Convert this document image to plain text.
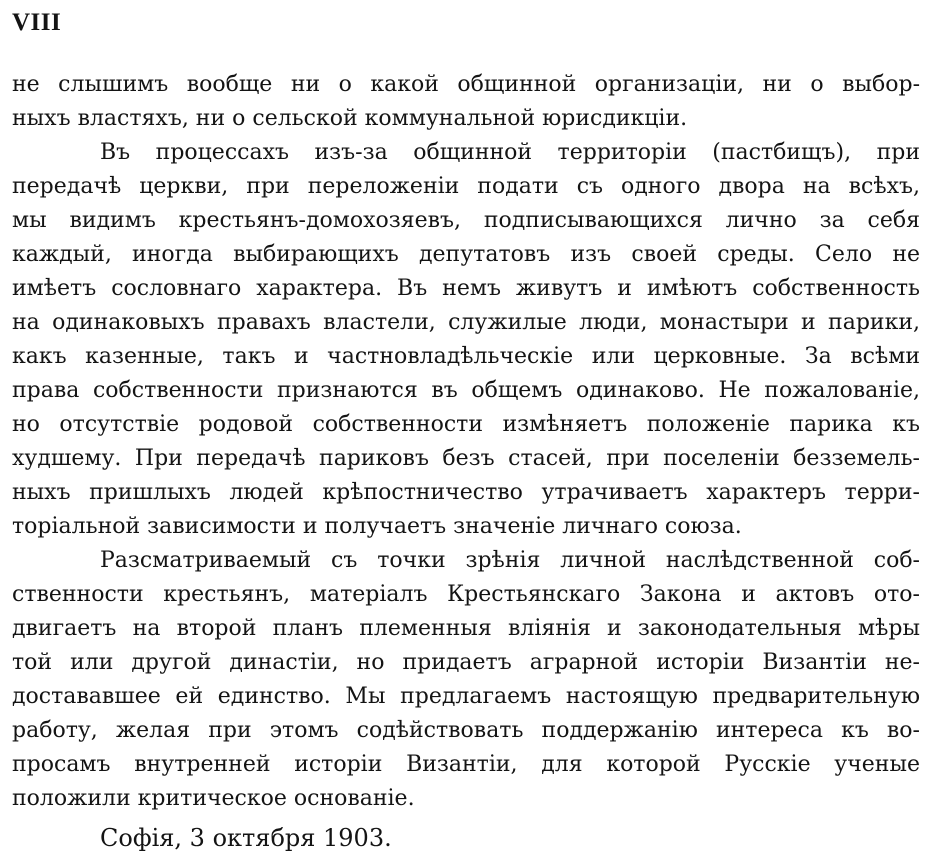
VIII
не слышимъ вообще ни о какой общинной организаціи, ни о выбор-
ныхъ властяхъ, ни о сельской коммунальной юрисдикціи.
Въ процессахъ изъ-за общинной территоріи (пастбищъ), при
передачѣ церкви, при переложеніи подати съ одного двора на всѣхъ,
мы видимъ крестьянъ-домохозяевъ, подписывающихся лично за себя
каждый, иногда выбирающихъ депутатовъ изъ своей среды. Село не
имѣетъ сословнаго характера. Въ немъ живутъ и имѣютъ собственность
на одинаковыхъ правахъ властели, служилые люди, монастыри и парики,
какъ казенные, такъ и частновладѣльческіе или церковные. За всѣми
права собственности признаются въ общемъ одинаково. Не пожалованіе,
но отсутствіе родовой собственности измѣняетъ положеніе парика къ
худшему. При передачѣ париковъ безъ стасей, при поселеніи безземель-
ныхъ пришлыхъ людей крѣпостничество утрачиваетъ характеръ терри-
торіальной зависимости и получаетъ значеніе личнаго союза.
Разсматриваемый съ точки зрѣнія личной наслѣдственной соб-
ственности крестьянъ, матеріалъ Крестьянскаго Закона и актовъ ото-
двигаетъ на второй планъ племенныя вліянія и законодательныя мѣры
той или другой династіи, но придаетъ аграрной исторіи Византіи не-
достававшее ей единство. Мы предлагаемъ настоящую предварительную
работу, желая при этомъ содѣйствовать поддержанію интереса къ во-
просамъ внутренней исторіи Византіи, для которой Русскіе ученые
положили критическое основаніе.
Софія, 3 октября 1903.
